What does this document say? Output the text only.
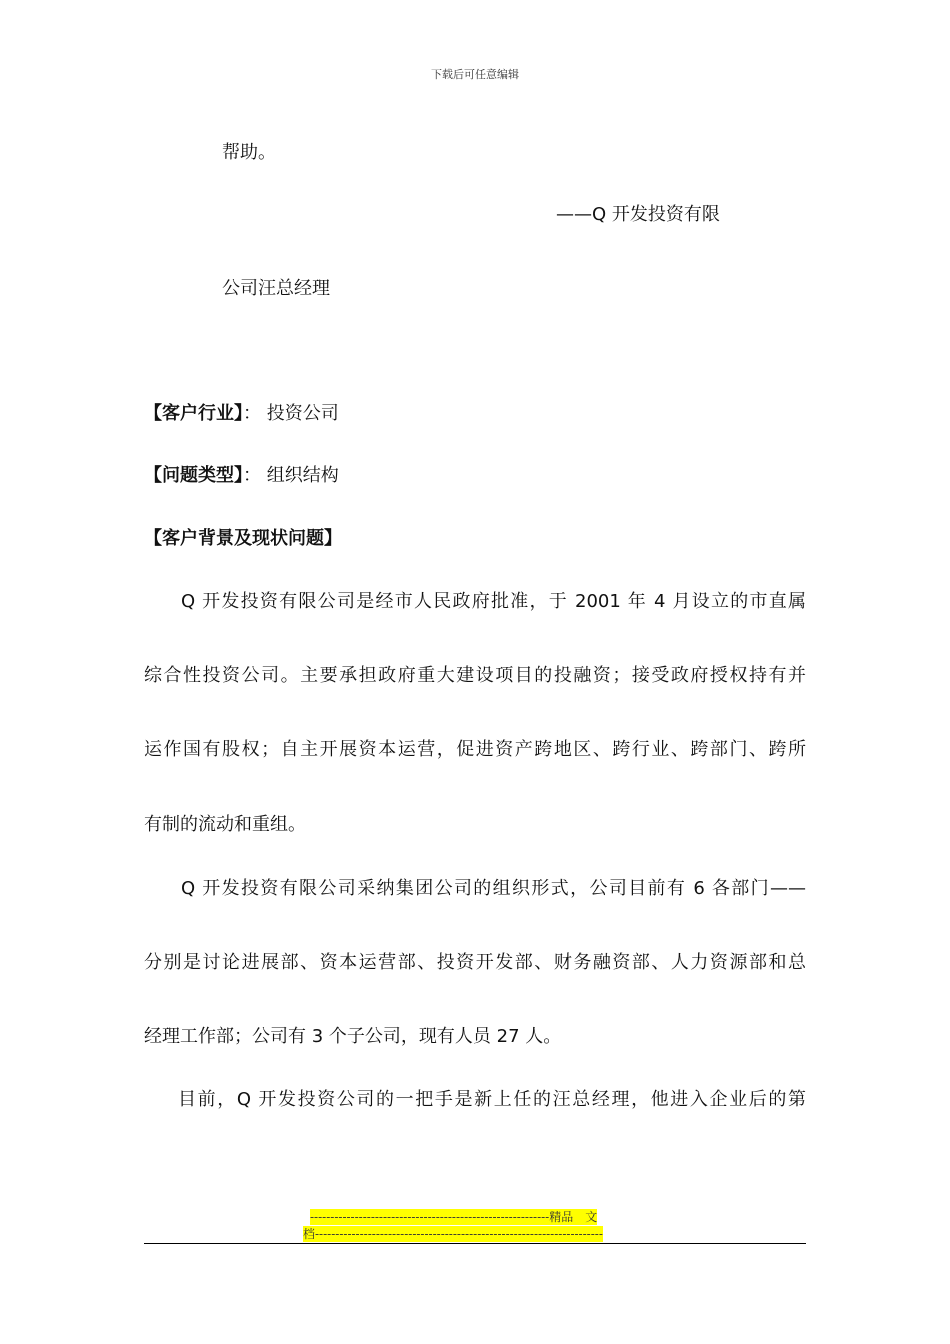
下载后可任意编辑
帮助。
——Q 开发投资有限
公司汪总经理
【客户行业】： 投资公司
【问题类型】： 组织结构
【客户背景及现状问题】
Q 开发投资有限公司是经市人民政府批准，于 2001 年 4 月设立的市直属
综合性投资公司。主要承担政府重大建设项目的投融资；接受政府授权持有并
运作国有股权；自主开展资本运营，促进资产跨地区、跨行业、跨部门、跨所
有制的流动和重组。
Q 开发投资有限公司采纳集团公司的组织形式，公司目前有 6 各部门——
分别是讨论进展部、资本运营部、投资开发部、财务融资部、人力资源部和总
经理工作部；公司有 3 个子公司，现有人员 27 人。
目前，Q 开发投资公司的一把手是新上任的汪总经理，他进入企业后的第
-----------------------------------------------------------精品　文
档-----------------------------------------------------------------------
